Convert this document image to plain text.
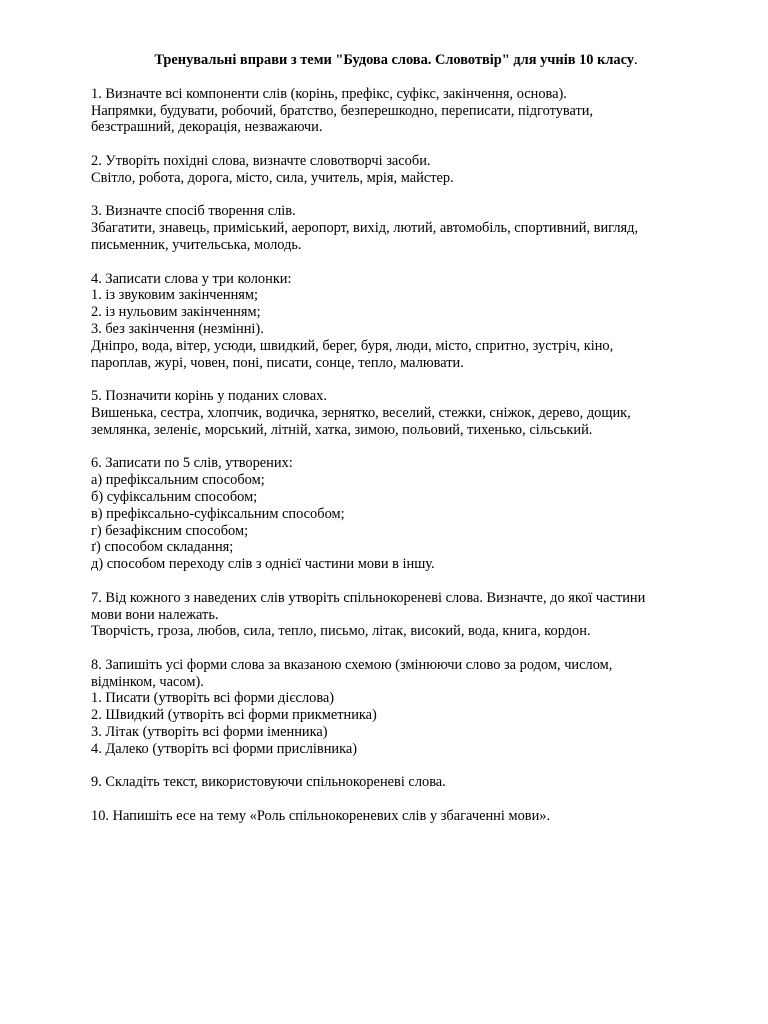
Тренувальні вправи з теми "Будова слова. Словотвір" для учнів 10 класу.
1. Визначте всі компоненти слів (корінь, префікс, суфікс, закінчення, основа).
Напрямки, будувати, робочий, братство, безперешкодно, переписати, підготувати,
безстрашний, декорація, незважаючи.
2. Утворіть похідні слова, визначте словотворчі засоби.
Світло, робота, дорога, місто, сила, учитель, мрія, майстер.
3. Визначте спосіб творення слів.
Збагатити, знавець, приміський, аеропорт, вихід, лютий, автомобіль, спортивний, вигляд,
письменник, учительська, молодь.
4. Записати слова у три колонки:
1. із звуковим закінченням;
2. із нульовим закінченням;
3. без закінчення (незмінні).
Дніпро, вода, вітер, усюди, швидкий, берег, буря, люди, місто, спритно, зустріч, кіно,
пароплав, журі, човен, поні, писати, сонце, тепло, малювати.
5. Позначити корінь у поданих словах.
Вишенька, сестра, хлопчик, водичка, зернятко, веселий, стежки, сніжок, дерево, дощик,
землянка, зеленіє, морський, літній, хатка, зимою, польовий, тихенько, сільський.
6. Записати по 5 слів, утворених:
а) префіксальним способом;
б) суфіксальним способом;
в) префіксально-суфіксальним способом;
г) безафіксним способом;
ґ) способом складання;
д) способом переходу слів з однієї частини мови в іншу.
7. Від кожного з наведених слів утворіть спільнокореневі слова. Визначте, до якої частини
мови вони належать.
Творчість, гроза, любов, сила, тепло, письмо, літак, високий, вода, книга, кордон.
8. Запишіть усі форми слова за вказаною схемою (змінюючи слово за родом, числом,
відмінком, часом).
1. Писати (утворіть всі форми дієслова)
2. Швидкий (утворіть всі форми прикметника)
3. Літак (утворіть всі форми іменника)
4. Далеко (утворіть всі форми прислівника)
9. Складіть текст, використовуючи спільнокореневі слова.
10. Напишіть есе на тему «Роль спільнокореневих слів у збагаченні мови».
